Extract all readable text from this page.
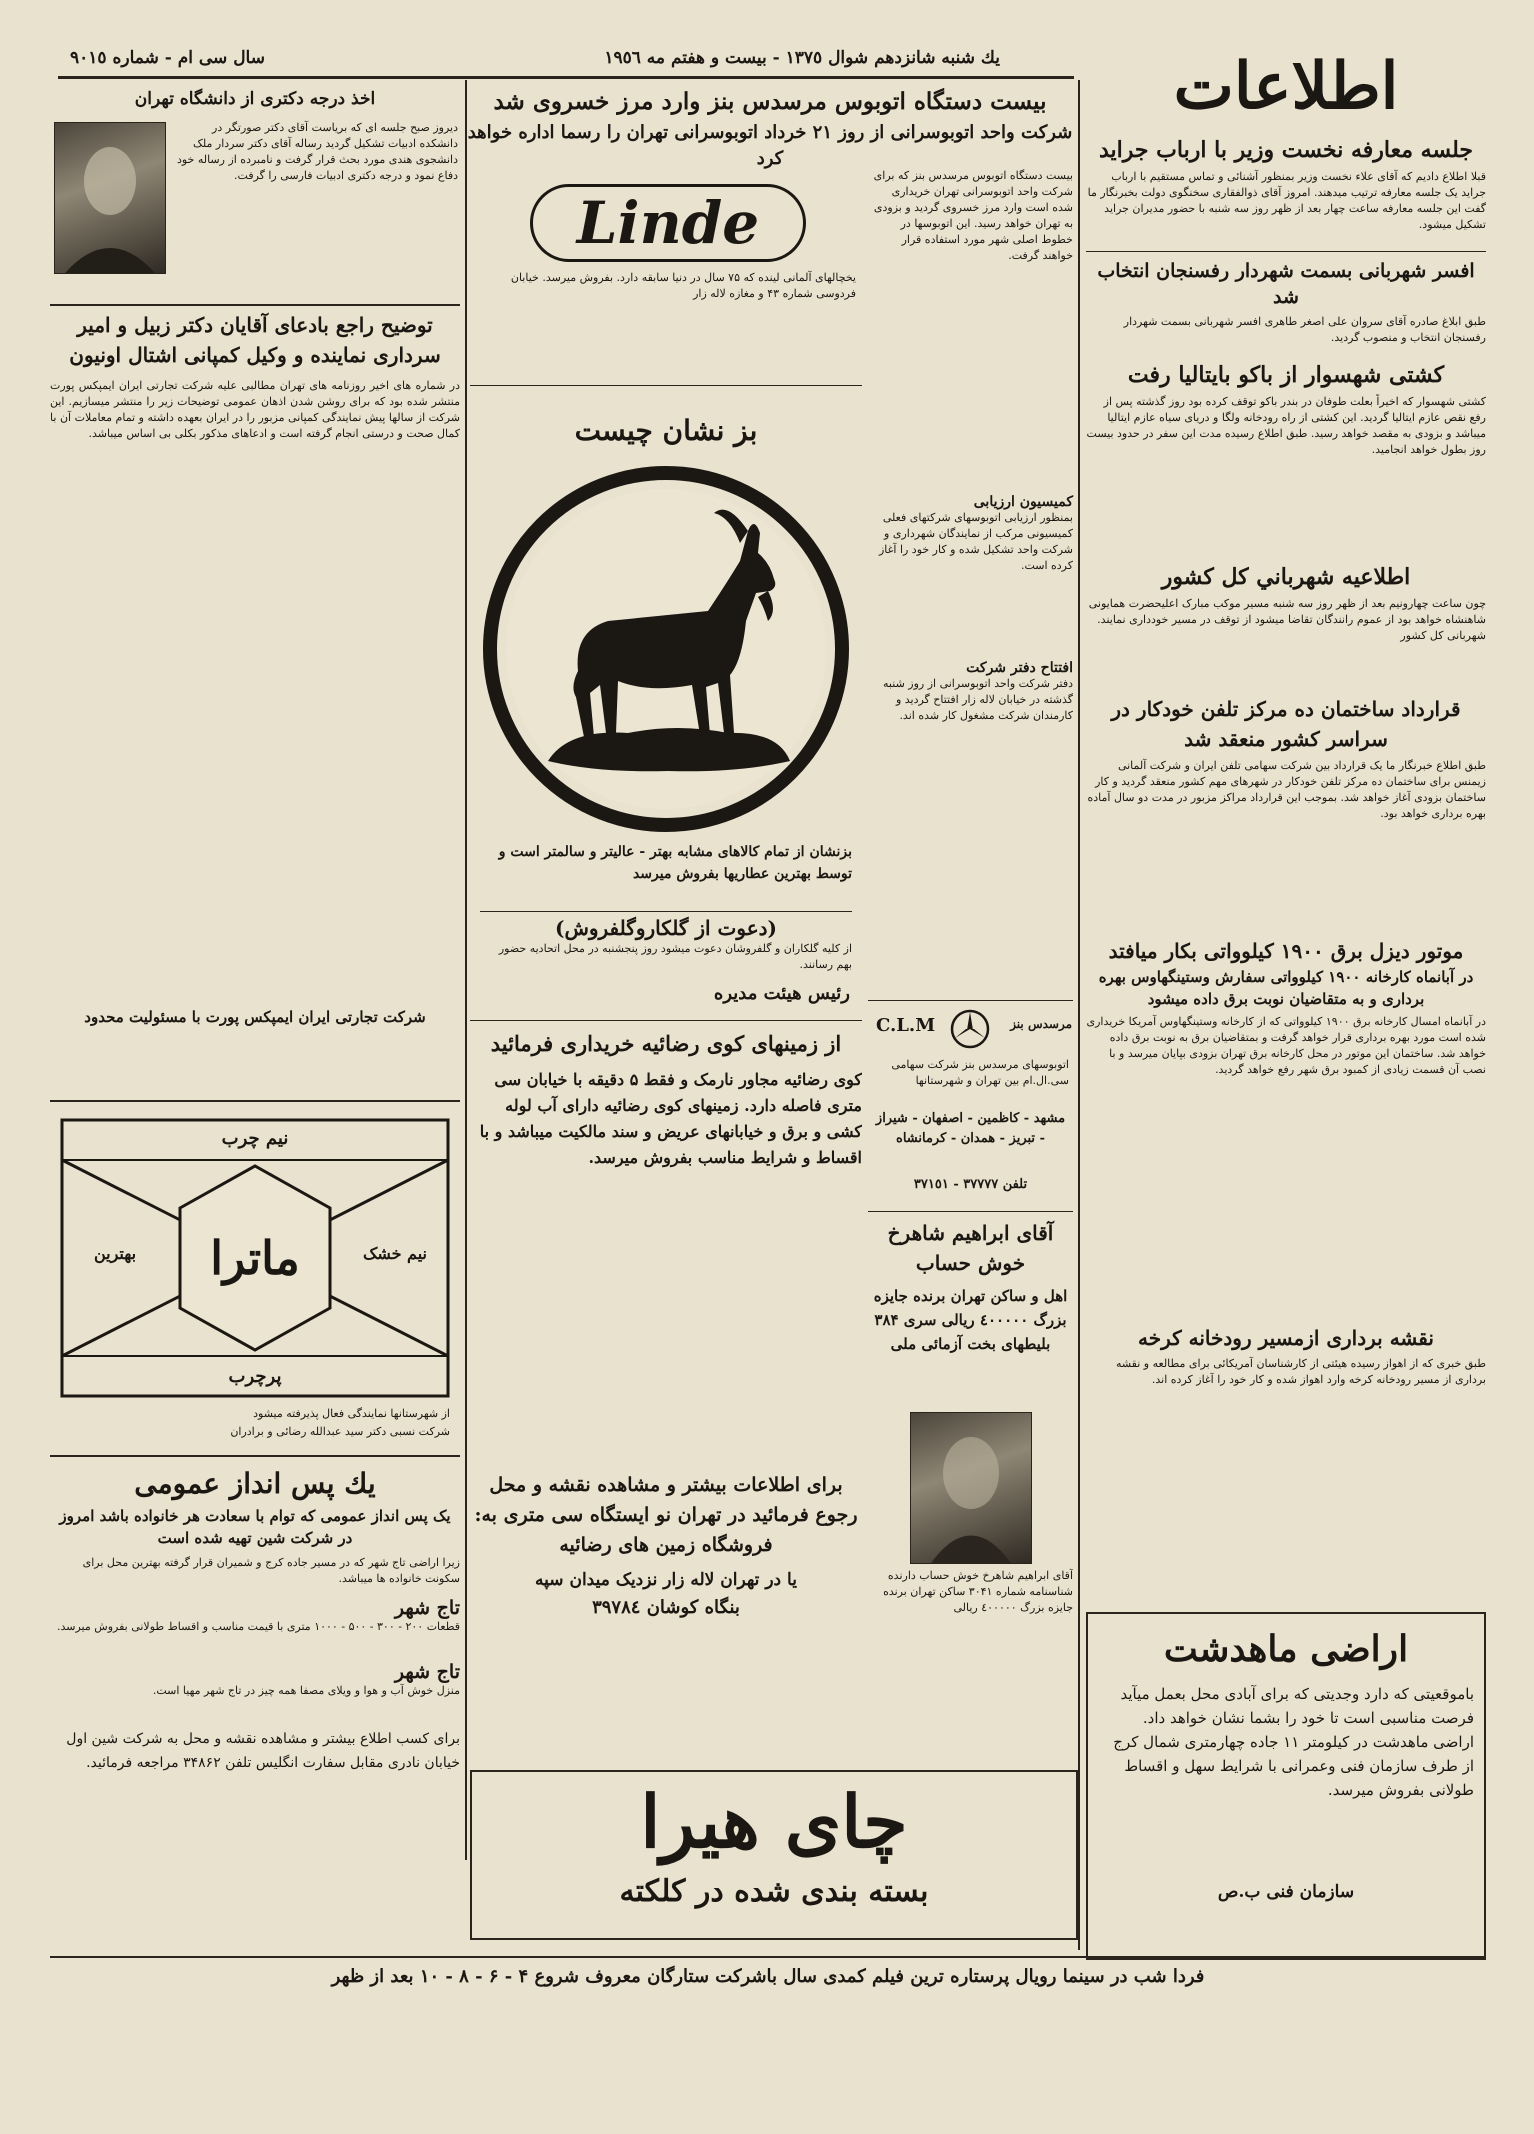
اطلاعات
يك شنبه شانزدهم شوال ١٣٧٥ - بیست و هفتم مه ١٩٥٦
سال سی ام - شماره ٩٠١٥
جلسه معارفه نخست وزير با ارباب جرايد
قبلا اطلاع دادیم که آقای علاء نخست وزیر بمنظور آشنائی و تماس مستقیم با ارباب جراید یک جلسه معارفه ترتیب میدهند. امروز آقای ذوالفقاری سخنگوی دولت بخبرنگار ما گفت این جلسه معارفه ساعت چهار بعد از ظهر روز سه شنبه با حضور مدیران جراید تشکیل میشود.
افسر شهربانی بسمت شهردار رفسنجان انتخاب شد
طبق ابلاغ صادره آقای سروان علی اصغر طاهری افسر شهربانی بسمت شهردار رفسنجان انتخاب و منصوب گردید.
كشتی شهسوار از باكو بایتالیا رفت
کشتی شهسوار که اخیراً بعلت طوفان در بندر باکو توقف کرده بود روز گذشته پس از رفع نقص عازم ایتالیا گردید. این کشتی از راه رودخانه ولگا و دریای سیاه عازم ایتالیا میباشد و بزودی به مقصد خواهد رسید. طبق اطلاع رسیده مدت این سفر در حدود بیست روز بطول خواهد انجامید.
اطلاعيه شهرباني كل كشور
چون ساعت چهارونیم بعد از ظهر روز سه شنبه مسیر موکب مبارک اعلیحضرت همایونی شاهنشاه خواهد بود از عموم رانندگان تقاضا میشود از توقف در مسیر خودداری نمایند. شهربانی کل کشور
قرارداد ساختمان ده مركز تلفن خودكار در سراسر كشور منعقد شد
طبق اطلاع خبرنگار ما یک قرارداد بین شرکت سهامی تلفن ایران و شرکت آلمانی زیمنس برای ساختمان ده مرکز تلفن خودکار در شهرهای مهم کشور منعقد گردید و کار ساختمان بزودی آغاز خواهد شد. بموجب این قرارداد مراکز مزبور در مدت دو سال آماده بهره برداری خواهد بود.
موتور دیزل برق ١٩٠٠ كیلوواتی بكار میافتد
در آبانماه کارخانه ۱۹۰۰ کیلوواتی سفارش وستینگهاوس بهره برداری و به متقاضیان نوبت برق داده میشود
در آبانماه امسال کارخانه برق ۱۹۰۰ کیلوواتی که از کارخانه وستینگهاوس آمریکا خریداری شده است مورد بهره برداری قرار خواهد گرفت و بمتقاضیان برق به نوبت برق داده خواهد شد. ساختمان این موتور در محل کارخانه برق تهران بزودی بپایان میرسد و با نصب آن قسمت زیادی از کمبود برق شهر رفع خواهد گردید.
نقشه برداری ازمسیر رودخانه كرخه
طبق خبری که از اهواز رسیده هیئتی از کارشناسان آمریکائی برای مطالعه و نقشه برداری از مسیر رودخانه کرخه وارد اهواز شده و کار خود را آغاز کرده اند.
اراضی ماهدشت
باموقعیتی که دارد وجدیتی که برای آبادی محل بعمل میآید فرصت مناسبی است تا خود را بشما نشان خواهد داد. اراضی ماهدشت در کیلومتر ۱۱ جاده چهارمتری شمال کرج از طرف سازمان فنی وعمرانی با شرایط سهل و اقساط طولانی بفروش میرسد.
سازمان فنی ب.ص
بیست دستگاه اتوبوس مرسدس بنز وارد مرز خسروی شد
شرکت واحد اتوبوسرانی از روز ۲۱ خرداد اتوبوسرانی تهران را رسما اداره خواهد کرد
بیست دستگاه اتوبوس مرسدس بنز که برای شرکت واحد اتوبوسرانی تهران خریداری شده است وارد مرز خسروی گردید و بزودی به تهران خواهد رسید. این اتوبوسها در خطوط اصلی شهر مورد استفاده قرار خواهند گرفت.
کمیسیون ارزیابی
بمنظور ارزیابی اتوبوسهای شرکتهای فعلی کمیسیونی مرکب از نمایندگان شهرداری و شرکت واحد تشکیل شده و کار خود را آغاز کرده است.
افتتاح دفتر شركت
دفتر شرکت واحد اتوبوسرانی از روز شنبه گذشته در خیابان لاله زار افتتاح گردید و کارمندان شرکت مشغول کار شده اند.
C.L.M	مرسدس بنز
اتوبوسهای مرسدس بنز شرکت سهامی سی.ال.ام بین تهران و شهرستانها
مشهد - کاظمین - اصفهان - شیراز - تبریز - همدان - کرمانشاه
تلفن ٣٧٧٧٧ - ٣٧١٥١
آقای ابراهیم شاهرخ خوش حساب
اهل و ساکن تهران برنده جایزه بزرگ ٤٠٠٠٠٠ ریالی سری ۳۸۴ بلیطهای بخت آزمائی ملی
آقای ابراهیم شاهرخ خوش حساب دارنده شناسنامه شماره ۳۰۴۱ ساکن تهران برنده جایزه بزرگ ٤٠٠٠٠٠ ریالی
Linde
یخچالهای آلمانی لینده که ۷۵ سال در دنیا سابقه دارد. بفروش میرسد. خیابان فردوسی شماره ۴۳ و مغازه لاله زار
بز نشان چیست
بزنشان از تمام کالاهای مشابه بهتر - عالیتر و سالمتر است و توسط بهترین عطاریها بفروش میرسد
(دعوت از گلکاروگلفروش)
از کلیه گلکاران و گلفروشان دعوت میشود روز پنجشنبه در محل اتحادیه حضور بهم رسانند.
رئیس هیئت مدیره
از زمینهای کوی رضائیه خریداری فرمائید
کوی رضائیه مجاور نارمک و فقط ۵ دقیقه با خیابان سی متری فاصله دارد. زمینهای کوی رضائیه دارای آب لوله کشی و برق و خیابانهای عریض و سند مالکیت میباشد و با اقساط و شرایط مناسب بفروش میرسد.
برای اطلاعات بیشتر و مشاهده نقشه و محل رجوع فرمائید در تهران نو ایستگاه سی متری به: فروشگاه زمین های رضائیه
یا در تهران لاله زار نزدیک میدان سپه
بنگاه کوشان ٣٩٧٨٤
چای هیرا
بسته بندی شده در کلکته
اخذ درجه دكتری از دانشگاه تهران
دیروز صبح جلسه ای که بریاست آقای دکتر صورتگر در دانشکده ادبیات تشکیل گردید رساله آقای دکتر سردار ملک دانشجوی هندی مورد بحث قرار گرفت و نامبرده از رساله خود دفاع نمود و درجه دکتری ادبیات فارسی را گرفت.
توضیح راجع بادعای آقایان دکتر زبیل و امیر سرداری نماینده و وکیل کمپانی اشتال اونیون
در شماره های اخیر روزنامه های تهران مطالبی علیه شرکت تجارتی ایران ایمپکس پورت منتشر شده بود که برای روشن شدن اذهان عمومی توضیحات زیر را منتشر میسازیم. این شرکت از سالها پیش نمایندگی کمپانی مزبور را در ایران بعهده داشته و تمام معاملات آن با کمال صحت و درستی انجام گرفته است و ادعاهای مذکور بکلی بی اساس میباشد.
شرکت تجارتی ایران ایمپکس پورت با مسئولیت محدود
ماترا
نیم چرب
پرچرب
بهترین	نیم خشک
از شهرستانها نمایندگی فعال پذیرفته میشود
شرکت نسبی دکتر سید عبدالله رضائی و برادران
يك پس انداز عمومی
یک پس انداز عمومی که توام با سعادت هر خانواده باشد امروز در شرکت شین تهیه شده است
زیرا اراضی تاج شهر که در مسیر جاده کرج و شمیران قرار گرفته بهترین محل برای سکونت خانواده ها میباشد.
تاج شهر
قطعات ۲۰۰ - ۳۰۰ - ۵۰۰ - ۱۰۰۰ متری با قیمت مناسب و اقساط طولانی بفروش میرسد.
تاج شهر
منزل خوش آب و هوا و ویلای مصفا همه چیز در تاج شهر مهیا است.
برای کسب اطلاع بیشتر و مشاهده نقشه و محل به شرکت شین اول خیابان نادری مقابل سفارت انگلیس تلفن ۳۴۸۶۲ مراجعه فرمائید.
فردا شب در سینما رویال پرستاره ترین فیلم کمدی سال باشرکت ستارگان معروف شروع ۴ - ۶ - ۸ - ۱۰ بعد از ظهر
